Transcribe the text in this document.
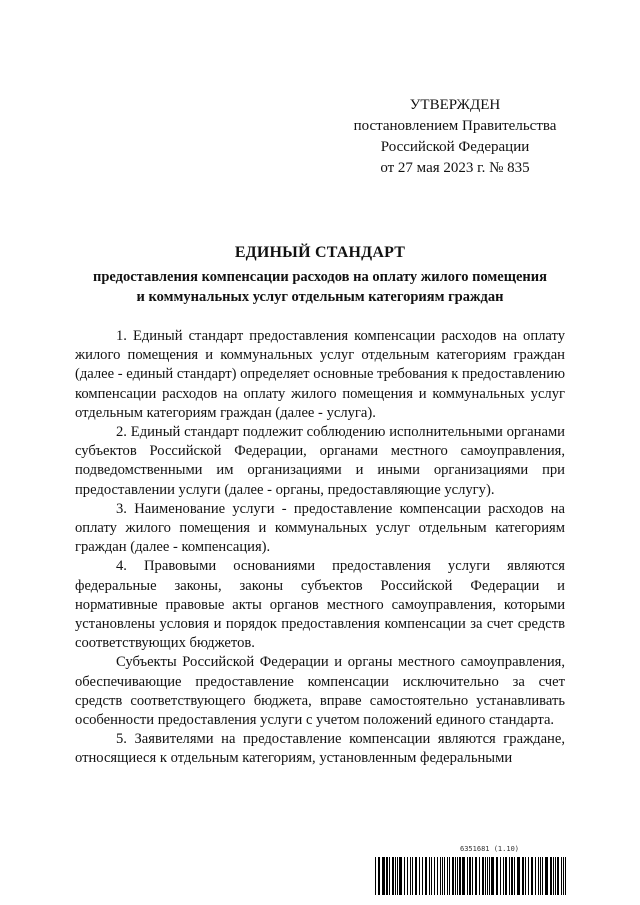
УТВЕРЖДЕН
постановлением Правительства
Российской Федерации
от 27 мая 2023 г. № 835
ЕДИНЫЙ СТАНДАРТ
предоставления компенсации расходов на оплату жилого помещения
и коммунальных услуг отдельным категориям граждан

1. Единый стандарт предоставления компенсации расходов на оплату жилого помещения и коммунальных услуг отдельным категориям граждан (далее - единый стандарт) определяет основные требования к предоставлению компенсации расходов на оплату жилого помещения и коммунальных услуг отдельным категориям граждан (далее - услуга).

2. Единый стандарт подлежит соблюдению исполнительными органами субъектов Российской Федерации, органами местного самоуправления, подведомственными им организациями и иными организациями при предоставлении услуги (далее - органы, предоставляющие услугу).

3. Наименование услуги - предоставление компенсации расходов на оплату жилого помещения и коммунальных услуг отдельным категориям граждан (далее - компенсация).

4. Правовыми основаниями предоставления услуги являются федеральные законы, законы субъектов Российской Федерации и нормативные правовые акты органов местного самоуправления, которыми установлены условия и порядок предоставления компенсации за счет средств соответствующих бюджетов.

Субъекты Российской Федерации и органы местного самоуправления, обеспечивающие предоставление компенсации исключительно за счет средств соответствующего бюджета, вправе самостоятельно устанавливать особенности предоставления услуги с учетом положений единого стандарта.

5. Заявителями на предоставление компенсации являются граждане, относящиеся к отдельным категориям, установленным федеральными

6351681 (1.10)
